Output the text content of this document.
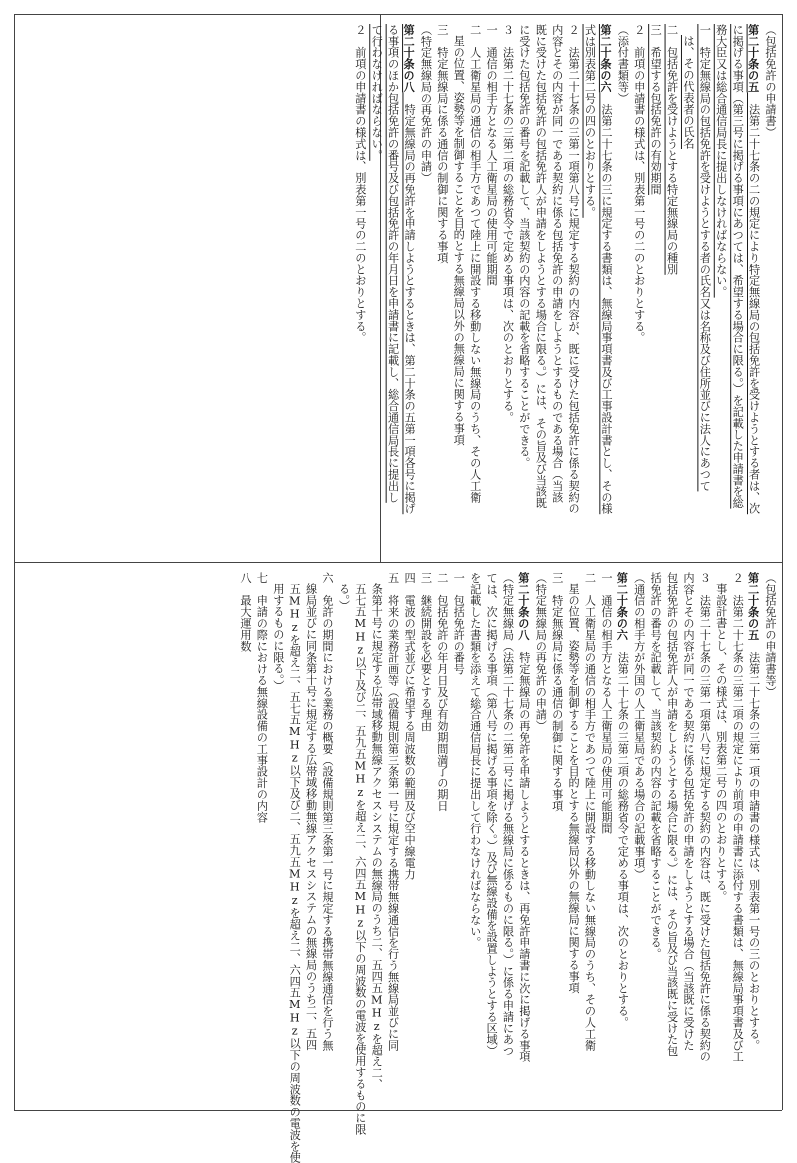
（包括免許の申請書）
第二十条の五　法第二十七条の二の規定により特定無線局の包括免許を受けようとする者は、次
に掲げる事項（第三号に掲げる事項にあつては、希望する場合に限る。）を記載した申請書を総
務大臣又は総合通信局長に提出しなければならない。
一　特定無線局の包括免許を受けようとする者の氏名又は名称及び住所並びに法人にあつて
は、その代表者の氏名
二　包括免許を受けようとする特定無線局の種別
三　希望する包括免許の有効期間
２　前項の申請書の様式は、別表第一号の二のとおりとする。
（添付書類等）
第二十条の六　法第二十七条の三に規定する書類は、無線局事項書及び工事設計書とし、その様
式は別表第二号の四のとおりとする。
２　法第二十七条の三第一項第八号に規定する契約の内容が、既に受けた包括免許に係る契約の
内容とその内容が同一である契約に係る包括免許の申請をしようとするものである場合（当該
既に受けた包括免許の包括免許人が申請をしようとする場合に限る。）には、その旨及び当該既
に受けた包括免許の番号を記載して、当該契約の内容の記載を省略することができる。
３　法第二十七条の三第二項の総務省令で定める事項は、次のとおりとする。
一　通信の相手方となる人工衛星局の使用可能期間
二　人工衛星局の通信の相手方であつて陸上に開設する移動しない無線局のうち、その人工衛
星の位置、姿勢等を制御することを目的とする無線局以外の無線局に関する事項
三　特定無線局に係る通信の制御に関する事項
（特定無線局の再免許の申請）
第二十条の八　特定無線局の再免許を申請しようとするときは、第二十条の五第一項各号に掲げ
る事項のほか包括免許の番号及び包括免許の年月日を申請書に記載し、総合通信局長に提出し
て行わなければならない。
２　前項の申請書の様式は、別表第一号の二のとおりとする。
（包括免許の申請書等）
第二十条の五　法第二十七条の三第一項の申請書の様式は、別表第一号の三のとおりとする。
２　法第二十七条の三第二項の規定により前項の申請書に添付する書類は、無線局事項書及び工
事設計書とし、その様式は、別表第二号の四のとおりとする。
３　法第二十七条の三第一項第八号に規定する契約の内容は、既に受けた包括免許に係る契約の
内容とその内容が同一である契約に係る包括免許の申請をしようとする場合（当該既に受けた
包括免許の包括免許人が申請をしようとする場合に限る。）には、その旨及び当該既に受けた包
括免許の番号を記載して、当該契約の内容の記載を省略することができる。
（通信の相手方が外国の人工衛星局である場合の記載事項）
第二十条の六　法第二十七条の三第二項の総務省令で定める事項は、次のとおりとする。
一　通信の相手方となる人工衛星局の使用可能期間
二　人工衛星局の通信の相手方であつて陸上に開設する移動しない無線局のうち、その人工衛
星の位置、姿勢等を制御することを目的とする無線局以外の無線局に関する事項
三　特定無線局に係る通信の制御に関する事項
（特定無線局の再免許の申請）
第二十条の八　特定無線局の再免許を申請しようとするときは、再免許申請書に次に掲げる事項
（特定無線局（法第二十七条の二第二号に掲げる無線局に係るものに限る。）に係る申請にあつ
ては、次に掲げる事項（第八号に掲げる事項を除く。）及び無線設備を設置しようとする区域）
を記載した書類を添えて総合通信局長に提出して行わなければならない。
一　包括免許の番号
二　包括免許の年月日及び有効期間満了の期日
三　継続開設を必要とする理由
四　電波の型式並びに希望する周波数の範囲及び空中線電力
五　将来の業務計画等（設備規則第三条第一号に規定する携帯無線通信を行う無線局並びに同
条第十号に規定する広帯域移動無線アクセスシステムの無線局のうち二、五四五MHzを超え二、
五七五MHz以下及び二、五九五MHzを超え二、六四五MHz以下の周波数の電波を使用するものに限
る。）
六　免許の期間における業務の概要（設備規則第三条第一号に規定する携帯無線通信を行う無
線局並びに同条第十号に規定する広帯域移動無線アクセスシステムの無線局のうち二、五四
五MHzを超え二、五七五MHz以下及び二、五九五MHzを超え二、六四五MHz以下の周波数の電波を使
用するものに限る。）
七　申請の際における無線設備の工事設計の内容
八　最大運用数
